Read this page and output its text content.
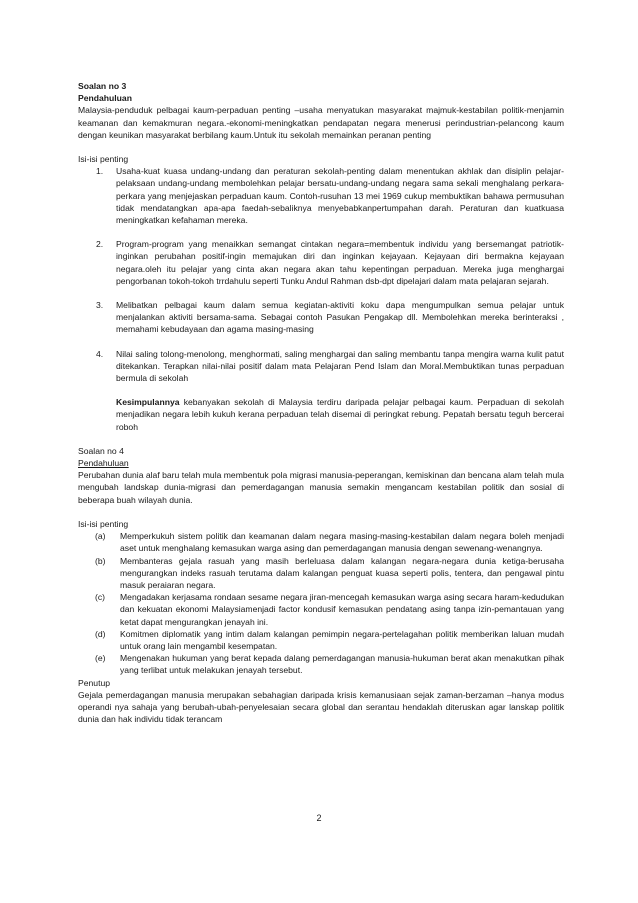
Soalan no 3
Pendahuluan
Malaysia-penduduk pelbagai kaum-perpaduan penting –usaha menyatukan masyarakat majmuk-kestabilan politik-menjamin keamanan dan kemakmuran negara.-ekonomi-meningkatkan pendapatan negara menerusi perindustrian-pelancong kaum dengan keunikan masyarakat berbilang kaum.Untuk itu sekolah memainkan peranan penting
Isi-isi penting
1.	Usaha-kuat kuasa undang-undang dan peraturan sekolah-penting dalam menentukan akhlak dan disiplin pelajar-pelaksaan undang-undang membolehkan pelajar bersatu-undang-undang negara sama sekali menghalang perkara-perkara yang menjejaskan perpaduan kaum. Contoh-rusuhan 13 mei 1969 cukup membuktikan bahawa permusuhan tidak mendatangkan apa-apa faedah-sebaliknya menyebabkanpertumpahan darah. Peraturan dan kuatkuasa meningkatkan kefahaman mereka.
2.	Program-program yang menaikkan semangat cintakan negara=membentuk individu yang bersemangat patriotik-inginkan perubahan positif-ingin memajukan diri dan inginkan kejayaan. Kejayaan diri bermakna kejayaan negara.oleh itu pelajar yang cinta akan negara akan tahu kepentingan perpaduan. Mereka juga menghargai pengorbanan tokoh-tokoh trrdahulu seperti Tunku Andul Rahman dsb-dpt dipelajari dalam mata pelajaran sejarah.
3.	Melibatkan pelbagai kaum dalam semua kegiatan-aktiviti koku dapa mengumpulkan semua pelajar untuk menjalankan aktiviti bersama-sama. Sebagai contoh Pasukan Pengakap dll. Membolehkan mereka berinteraksi , memahami kebudayaan dan agama masing-masing
4.	Nilai saling tolong-menolong, menghormati, saling menghargai dan saling membantu tanpa mengira warna kulit patut ditekankan. Terapkan nilai-nilai positif dalam mata Pelajaran Pend Islam dan Moral.Membuktikan tunas perpaduan bermula di sekolah
Kesimpulannya kebanyakan sekolah di Malaysia terdiru daripada pelajar pelbagai kaum. Perpaduan di sekolah menjadikan negara lebih kukuh kerana perpaduan telah disemai di peringkat rebung. Pepatah bersatu teguh bercerai roboh
Soalan no 4
Pendahuluan
Perubahan dunia alaf baru telah mula membentuk pola migrasi manusia-peperangan, kemiskinan dan bencana alam telah mula mengubah landskap dunia-migrasi dan pemerdagangan manusia semakin mengancam kestabilan politik dan sosial di beberapa buah wilayah dunia.
Isi-isi penting
(a)	Memperkukuh sistem politik dan keamanan dalam negara masing-masing-kestabilan dalam negara boleh menjadi aset untuk menghalang kemasukan warga asing dan pemerdagangan manusia dengan sewenang-wenangnya.
(b)	Membanteras gejala rasuah yang masih berleluasa dalam kalangan negara-negara dunia ketiga-berusaha mengurangkan indeks rasuah terutama dalam kalangan penguat kuasa seperti polis, tentera, dan pengawal pintu masuk peraiaran negara.
(c)	Mengadakan kerjasama rondaan sesame negara jiran-mencegah kemasukan warga asing secara haram-kedudukan dan kekuatan ekonomi Malaysiamenjadi factor kondusif kemasukan pendatang asing tanpa izin-pemantauan yang ketat dapat mengurangkan jenayah ini.
(d)	Komitmen diplomatik yang intim dalam kalangan pemimpin negara-pertelagahan politik memberikan laluan mudah untuk orang lain mengambil kesempatan.
(e)	Mengenakan hukuman yang berat kepada dalang pemerdagangan manusia-hukuman berat akan menakutkan pihak yang terlibat untuk melakukan jenayah tersebut.
Penutup
Gejala pemerdagangan manusia merupakan sebahagian daripada krisis kemanusiaan sejak zaman-berzaman –hanya modus operandi nya sahaja yang berubah-ubah-penyelesaian secara global dan serantau hendaklah diteruskan agar lanskap politik dunia dan hak individu tidak terancam
2
